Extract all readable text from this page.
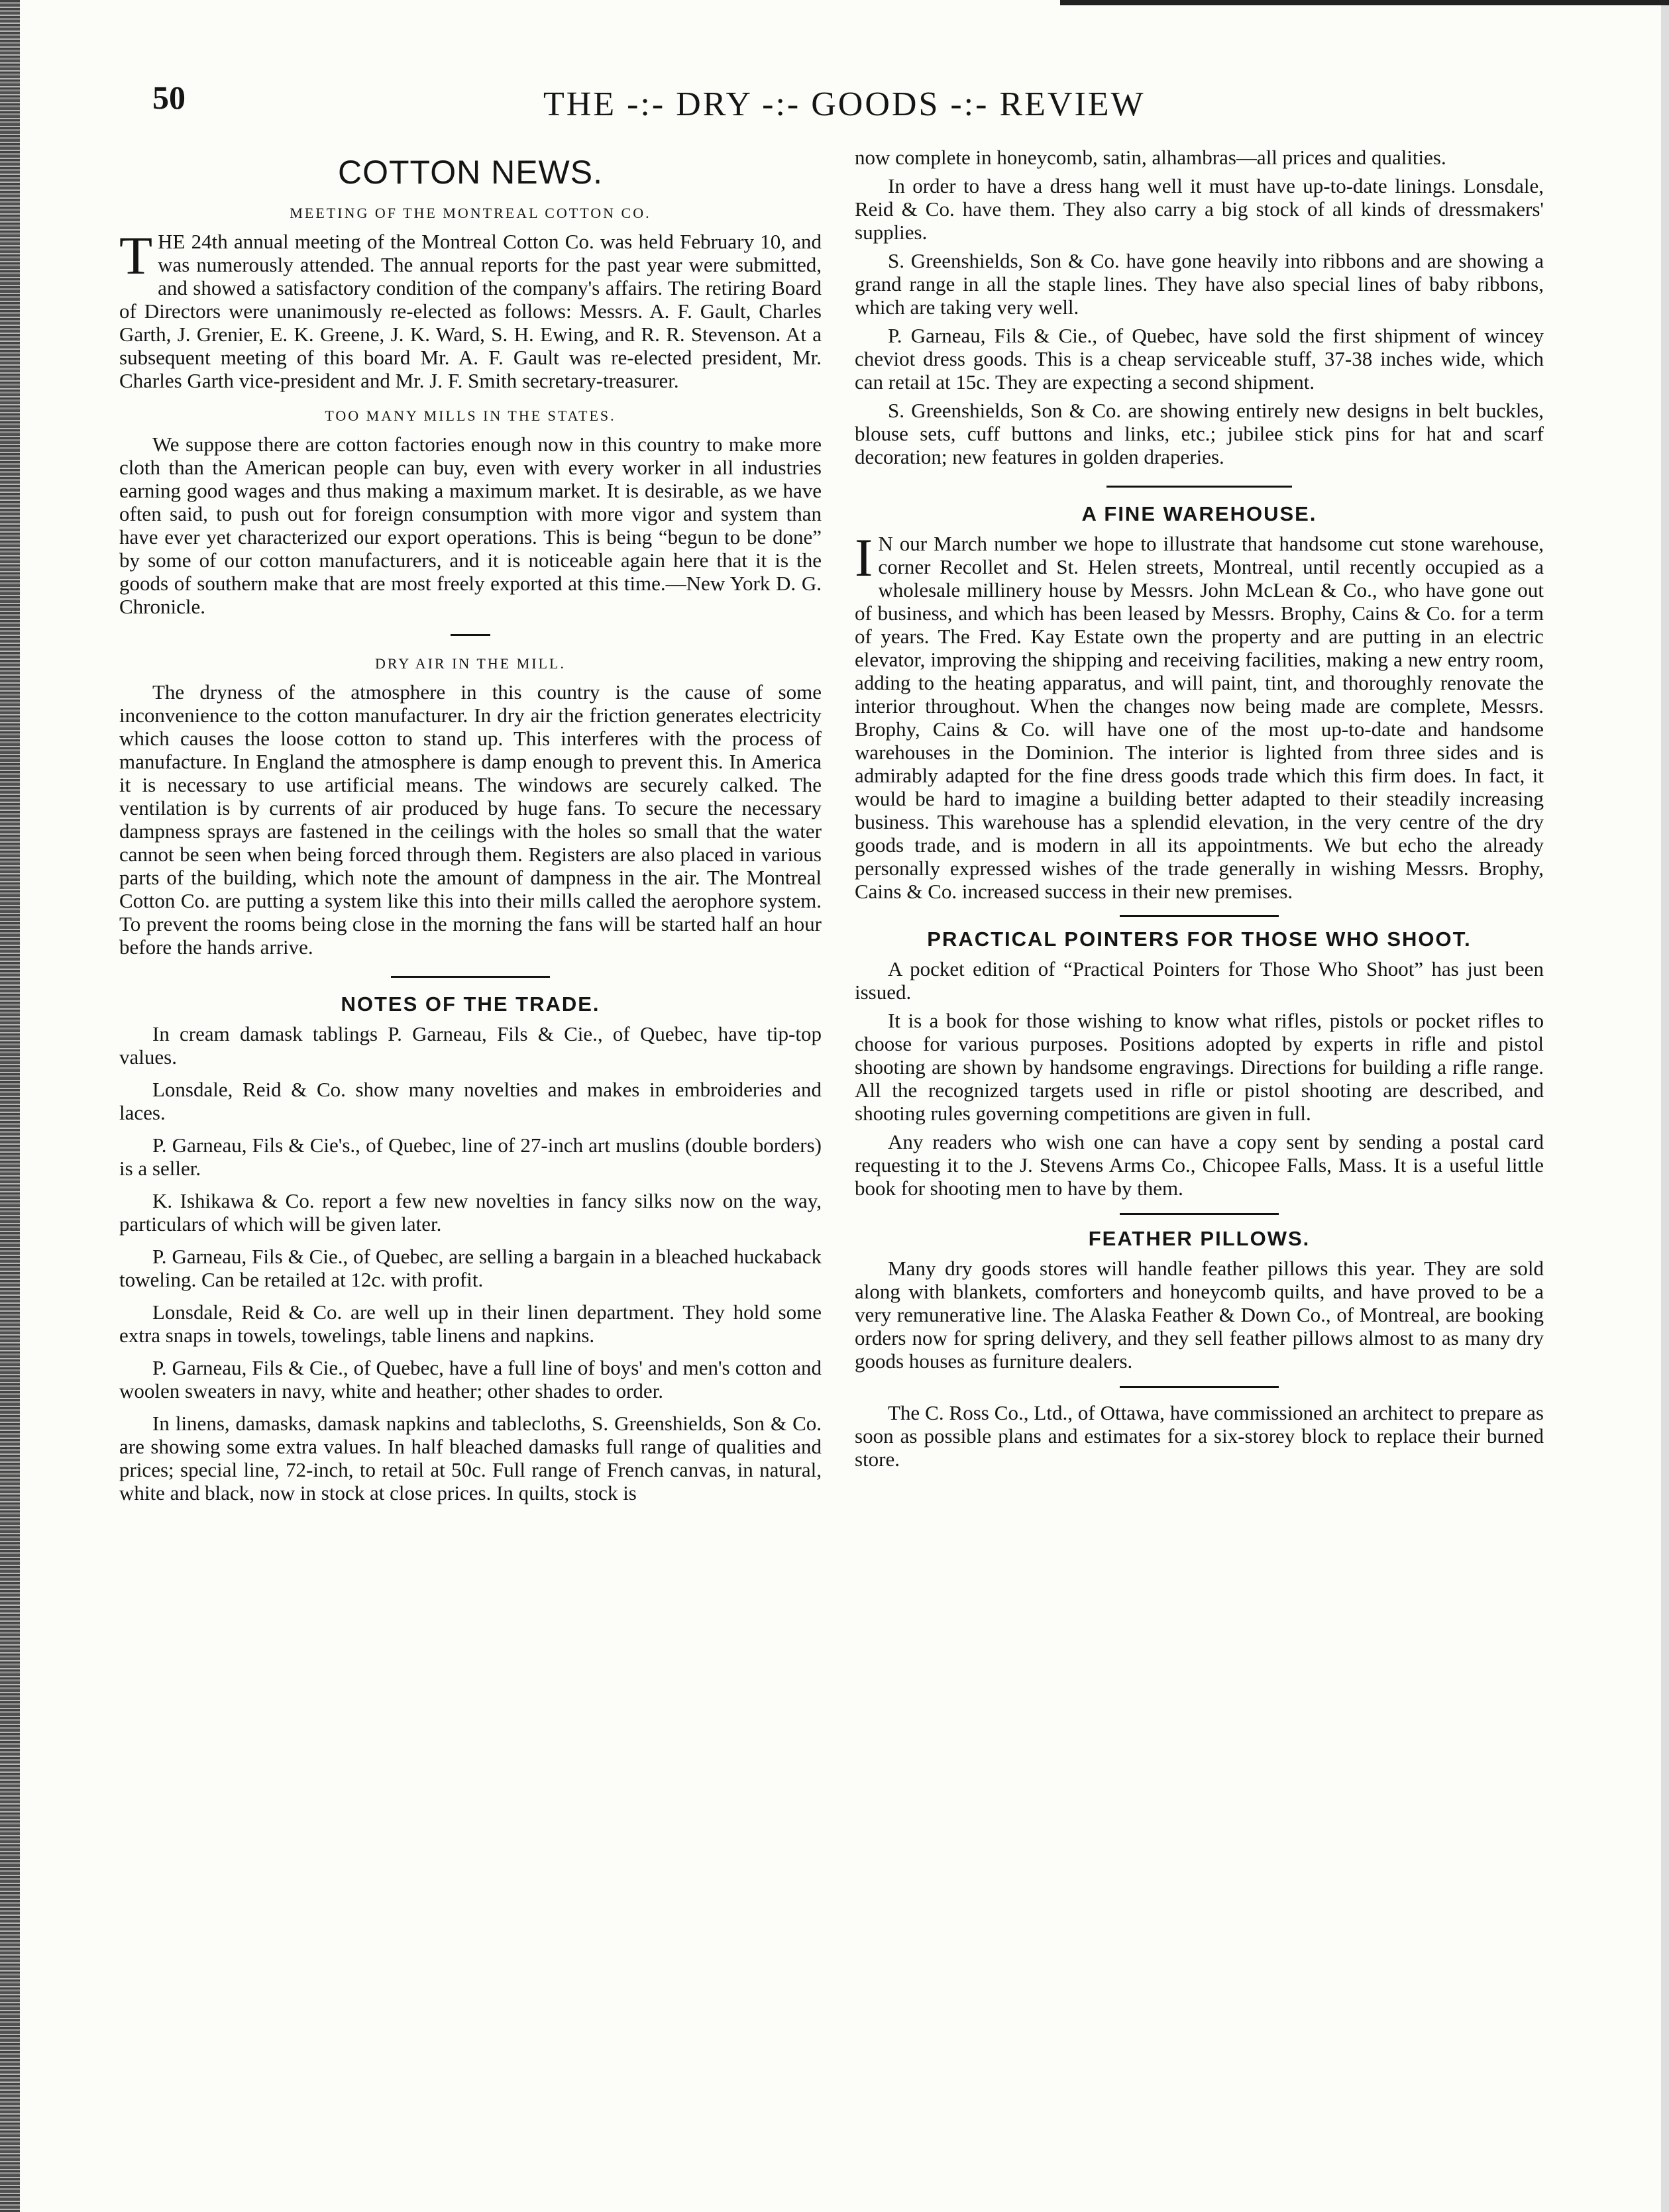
50	THE -:- DRY -:- GOODS -:- REVIEW
COTTON NEWS.
MEETING OF THE MONTREAL COTTON CO.

THE 24th annual meeting of the Montreal Cotton Co. was held February 10, and was numerously attended. The annual reports for the past year were submitted, and showed a satisfactory condition of the company's affairs. The retiring Board of Directors were unanimously re-elected as follows: Messrs. A. F. Gault, Charles Garth, J. Grenier, E. K. Greene, J. K. Ward, S. H. Ewing, and R. R. Stevenson. At a subsequent meeting of this board Mr. A. F. Gault was re-elected president, Mr. Charles Garth vice-president and Mr. J. F. Smith secretary-treasurer.

TOO MANY MILLS IN THE STATES.

We suppose there are cotton factories enough now in this country to make more cloth than the American people can buy, even with every worker in all industries earning good wages and thus making a maximum market. It is desirable, as we have often said, to push out for foreign consumption with more vigor and system than have ever yet characterized our export operations. This is being “begun to be done” by some of our cotton manufacturers, and it is noticeable again here that it is the goods of southern make that are most freely exported at this time.—New York D. G. Chronicle.

DRY AIR IN THE MILL.

The dryness of the atmosphere in this country is the cause of some inconvenience to the cotton manufacturer. In dry air the friction generates electricity which causes the loose cotton to stand up. This interferes with the process of manufacture. In England the atmosphere is damp enough to prevent this. In America it is necessary to use artificial means. The windows are securely calked. The ventilation is by currents of air produced by huge fans. To secure the necessary dampness sprays are fastened in the ceilings with the holes so small that the water cannot be seen when being forced through them. Registers are also placed in various parts of the building, which note the amount of dampness in the air. The Montreal Cotton Co. are putting a system like this into their mills called the aerophore system. To prevent the rooms being close in the morning the fans will be started half an hour before the hands arrive.

NOTES OF THE TRADE.

In cream damask tablings P. Garneau, Fils & Cie., of Quebec, have tip-top values.

Lonsdale, Reid & Co. show many novelties and makes in embroideries and laces.

P. Garneau, Fils & Cie's., of Quebec, line of 27-inch art muslins (double borders) is a seller.

K. Ishikawa & Co. report a few new novelties in fancy silks now on the way, particulars of which will be given later.

P. Garneau, Fils & Cie., of Quebec, are selling a bargain in a bleached huckaback toweling. Can be retailed at 12c. with profit.

Lonsdale, Reid & Co. are well up in their linen department. They hold some extra snaps in towels, towelings, table linens and napkins.

P. Garneau, Fils & Cie., of Quebec, have a full line of boys' and men's cotton and woolen sweaters in navy, white and heather; other shades to order.

In linens, damasks, damask napkins and tablecloths, S. Greenshields, Son & Co. are showing some extra values. In half bleached damasks full range of qualities and prices; special line, 72-inch, to retail at 50c. Full range of French canvas, in natural, white and black, now in stock at close prices. In quilts, stock is

now complete in honeycomb, satin, alhambras—all prices and qualities.

In order to have a dress hang well it must have up-to-date linings. Lonsdale, Reid & Co. have them. They also carry a big stock of all kinds of dressmakers' supplies.

S. Greenshields, Son & Co. have gone heavily into ribbons and are showing a grand range in all the staple lines. They have also special lines of baby ribbons, which are taking very well.

P. Garneau, Fils & Cie., of Quebec, have sold the first shipment of wincey cheviot dress goods. This is a cheap serviceable stuff, 37-38 inches wide, which can retail at 15c. They are expecting a second shipment.

S. Greenshields, Son & Co. are showing entirely new designs in belt buckles, blouse sets, cuff buttons and links, etc.; jubilee stick pins for hat and scarf decoration; new features in golden draperies.

A FINE WAREHOUSE.

I N our March number we hope to illustrate that handsome cut stone warehouse, corner Recollet and St. Helen streets, Montreal, until recently occupied as a wholesale millinery house by Messrs. John McLean & Co., who have gone out of business, and which has been leased by Messrs. Brophy, Cains & Co. for a term of years. The Fred. Kay Estate own the property and are putting in an electric elevator, improving the shipping and receiving facilities, making a new entry room, adding to the heating apparatus, and will paint, tint, and thoroughly renovate the interior throughout. When the changes now being made are complete, Messrs. Brophy, Cains & Co. will have one of the most up-to-date and handsome warehouses in the Dominion. The interior is lighted from three sides and is admirably adapted for the fine dress goods trade which this firm does. In fact, it would be hard to imagine a building better adapted to their steadily increasing business. This warehouse has a splendid elevation, in the very centre of the dry goods trade, and is modern in all its appointments. We but echo the already personally expressed wishes of the trade generally in wishing Messrs. Brophy, Cains & Co. increased success in their new premises.

PRACTICAL POINTERS FOR THOSE WHO SHOOT.

A pocket edition of “Practical Pointers for Those Who Shoot” has just been issued.

It is a book for those wishing to know what rifles, pistols or pocket rifles to choose for various purposes. Positions adopted by experts in rifle and pistol shooting are shown by handsome engravings. Directions for building a rifle range. All the recognized targets used in rifle or pistol shooting are described, and shooting rules governing competitions are given in full.

Any readers who wish one can have a copy sent by sending a postal card requesting it to the J. Stevens Arms Co., Chicopee Falls, Mass. It is a useful little book for shooting men to have by them.

FEATHER PILLOWS.

Many dry goods stores will handle feather pillows this year. They are sold along with blankets, comforters and honeycomb quilts, and have proved to be a very remunerative line. The Alaska Feather & Down Co., of Montreal, are booking orders now for spring delivery, and they sell feather pillows almost to as many dry goods houses as furniture dealers.

The C. Ross Co., Ltd., of Ottawa, have commissioned an architect to prepare as soon as possible plans and estimates for a six-storey block to replace their burned store.
